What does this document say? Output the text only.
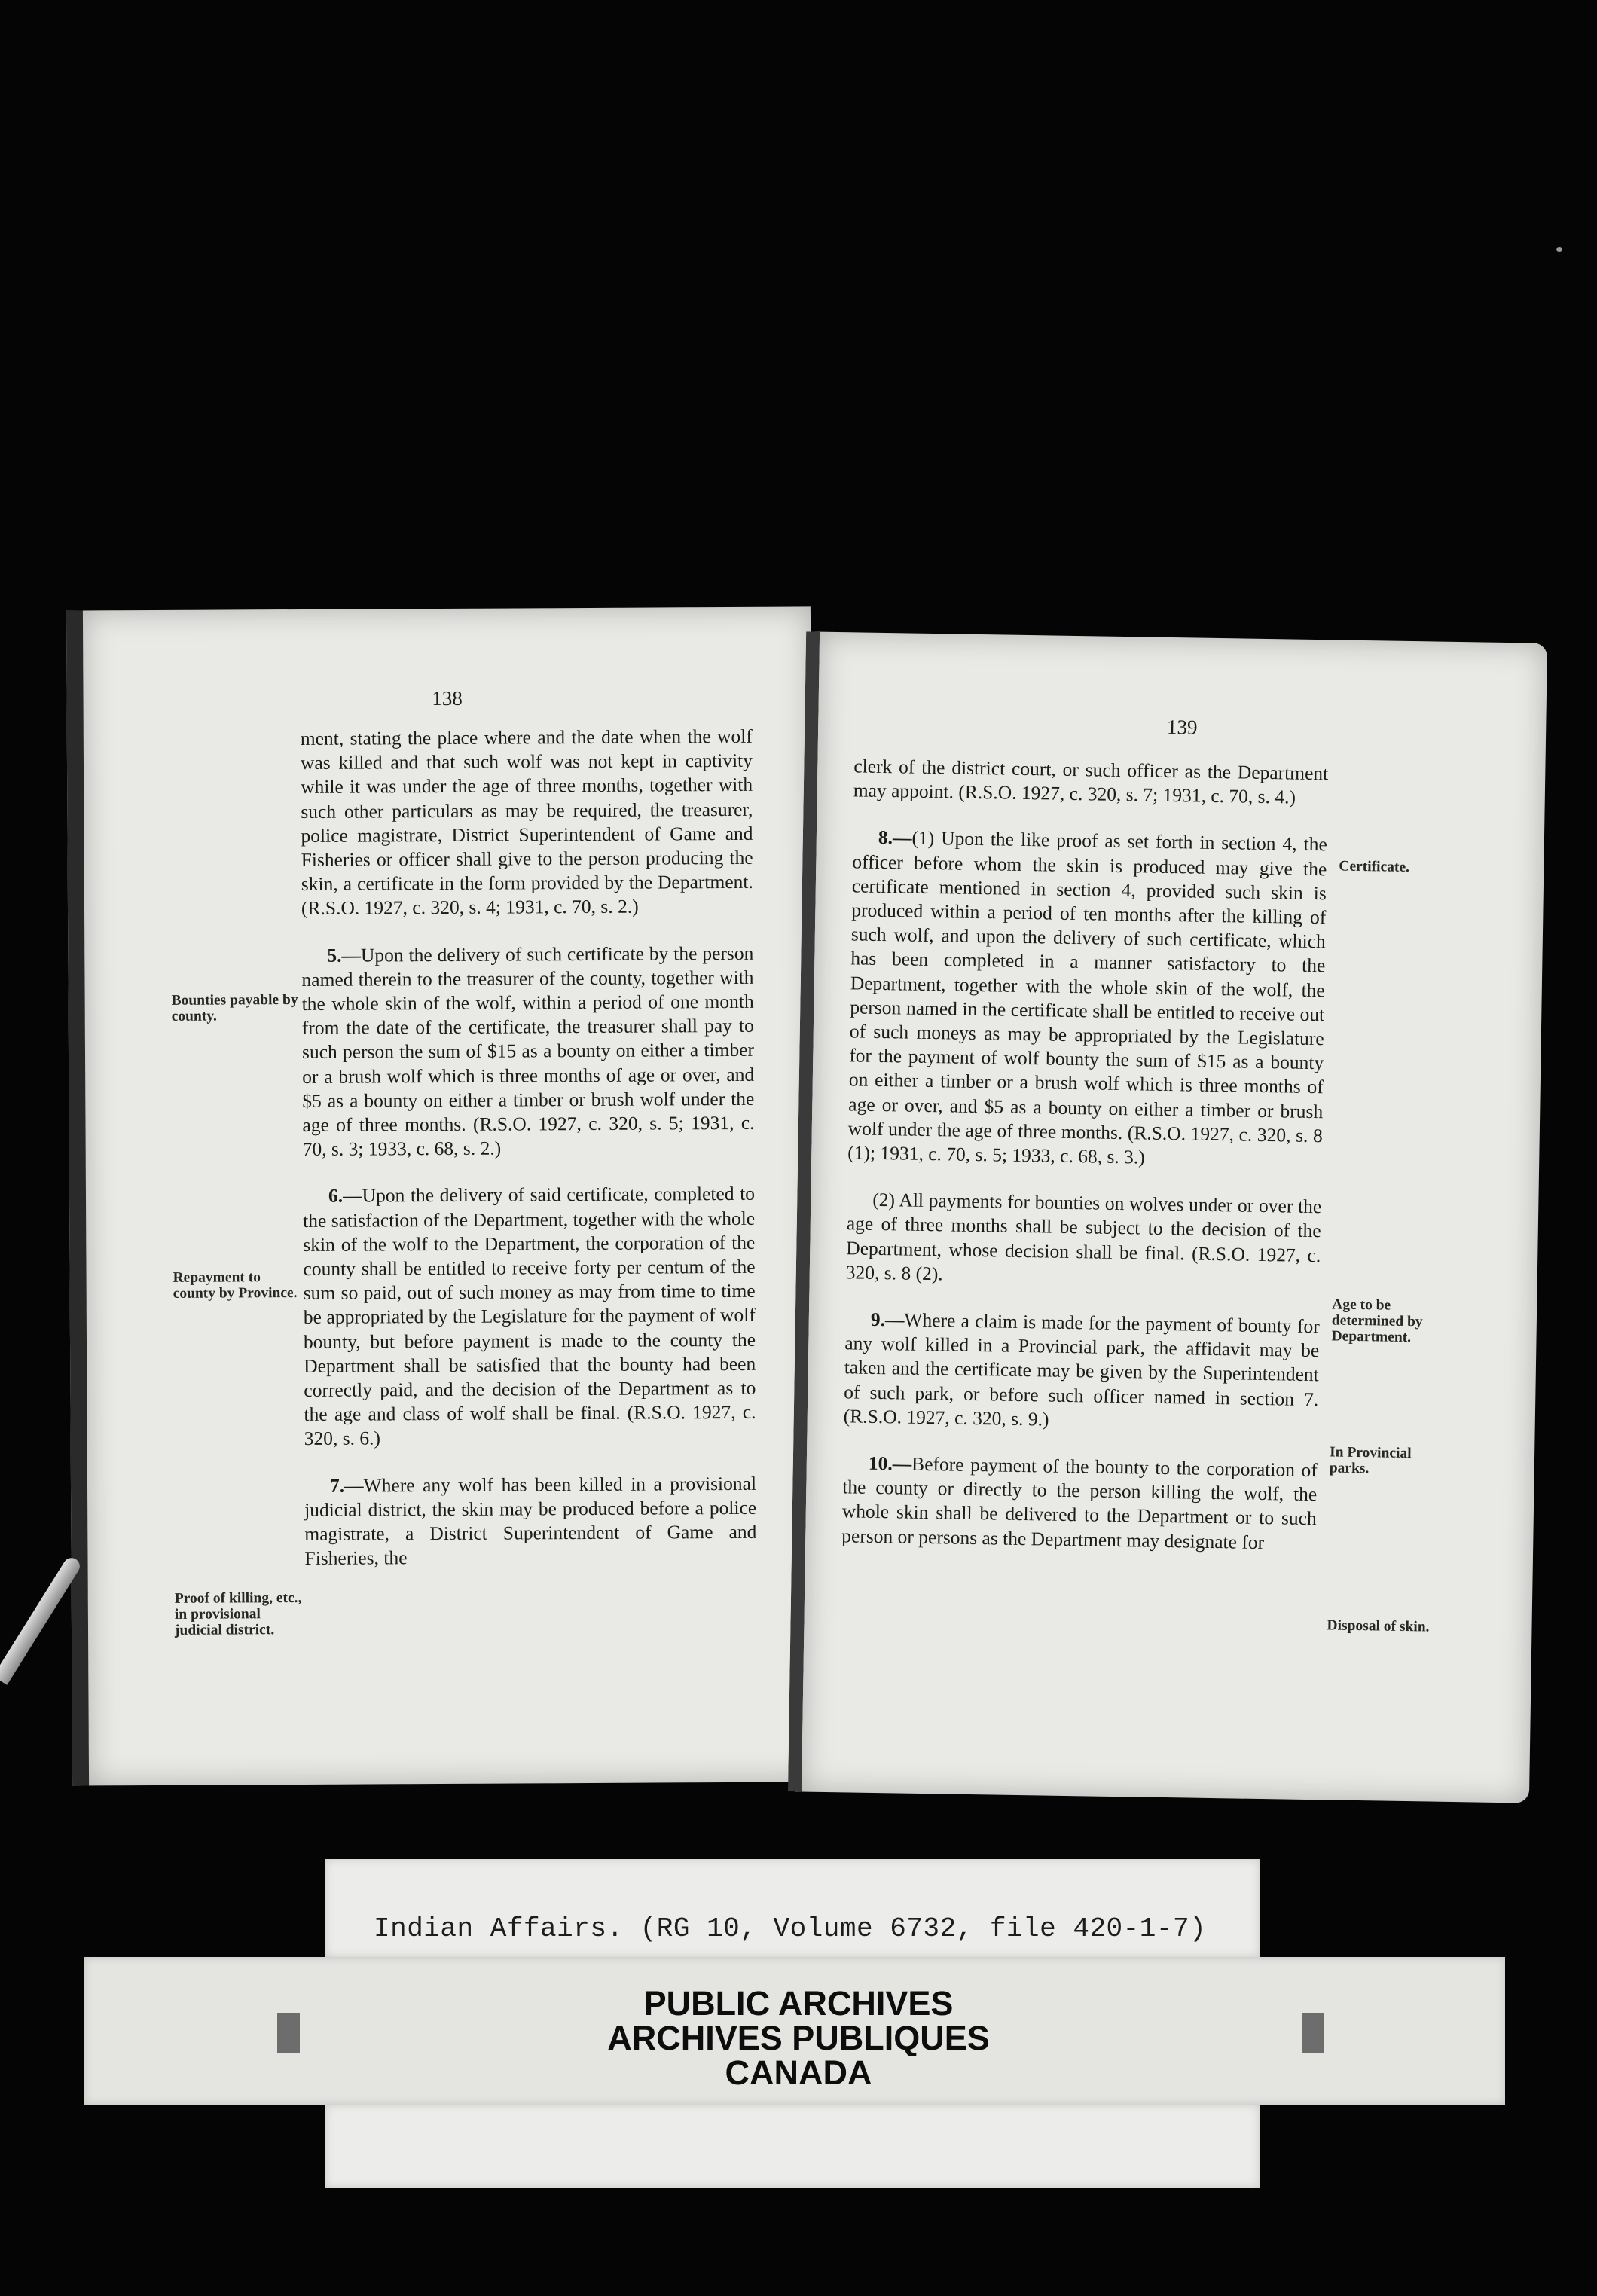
138

ment, stating the place where and the date when the wolf was killed and that such wolf was not kept in captivity while it was under the age of three months, together with such other particulars as may be required, the treasurer, police magistrate, District Superintendent of Game and Fisheries or officer shall give to the person producing the skin, a certificate in the form provided by the Department. (R.S.O. 1927, c. 320, s. 4; 1931, c. 70, s. 2.)

5.—Upon the delivery of such certificate by the person named therein to the treasurer of the county, together with the whole skin of the wolf, within a period of one month from the date of the certificate, the treasurer shall pay to such person the sum of $15 as a bounty on either a timber or a brush wolf which is three months of age or over, and $5 as a bounty on either a timber or brush wolf under the age of three months. (R.S.O. 1927, c. 320, s. 5; 1931, c. 70, s. 3; 1933, c. 68, s. 2.)

6.—Upon the delivery of said certificate, completed to the satisfaction of the Department, together with the whole skin of the wolf to the Department, the corporation of the county shall be entitled to receive forty per centum of the sum so paid, out of such money as may from time to time be appropriated by the Legislature for the payment of wolf bounty, but before payment is made to the county the Department shall be satisfied that the bounty had been correctly paid, and the decision of the Department as to the age and class of wolf shall be final. (R.S.O. 1927, c. 320, s. 6.)

7.—Where any wolf has been killed in a provisional judicial district, the skin may be produced before a police magistrate, a District Superintendent of Game and Fisheries, the

Bounties payable by county.
Repayment to county by Province.
Proof of killing, etc., in provisional judicial district.
139

clerk of the district court, or such officer as the Department may appoint. (R.S.O. 1927, c. 320, s. 7; 1931, c. 70, s. 4.)

8.—(1) Upon the like proof as set forth in section 4, the officer before whom the skin is produced may give the certificate mentioned in section 4, provided such skin is produced within a period of ten months after the killing of such wolf, and upon the delivery of such certificate, which has been completed in a manner satisfactory to the Department, together with the whole skin of the wolf, the person named in the certificate shall be entitled to receive out of such moneys as may be appropriated by the Legislature for the payment of wolf bounty the sum of $15 as a bounty on either a timber or a brush wolf which is three months of age or over, and $5 as a bounty on either a timber or brush wolf under the age of three months. (R.S.O. 1927, c. 320, s. 8 (1); 1931, c. 70, s. 5; 1933, c. 68, s. 3.)

(2) All payments for bounties on wolves under or over the age of three months shall be subject to the decision of the Department, whose decision shall be final. (R.S.O. 1927, c. 320, s. 8 (2).

9.—Where a claim is made for the payment of bounty for any wolf killed in a Provincial park, the affidavit may be taken and the certificate may be given by the Superintendent of such park, or before such officer named in section 7. (R.S.O. 1927, c. 320, s. 9.)

10.—Before payment of the bounty to the corporation of the county or directly to the person killing the wolf, the whole skin shall be delivered to the Department or to such person or persons as the Department may designate for

Certificate.
Age to be determined by Department.
In Provincial parks.
Disposal of skin.
Indian Affairs. (RG 10, Volume 6732, file 420-1-7)
PUBLIC ARCHIVES
ARCHIVES PUBLIQUES
CANADA
